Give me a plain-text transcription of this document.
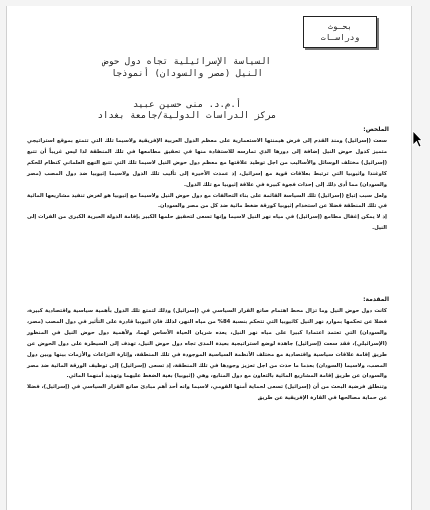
بحـوث
ودراسـات
السياسة الإسرائيلية تجاه دول حوض
النيل (مصر والسودان) أنموذجا
أ.م.د. منى حسين عبيد
مركز الدراسات الدولية/جامعة بغداد
الملخص:

سعت (إسرائيل) ومنذ القدم إلى فرض هيمنتها الاستعمارية على معظم الدول العربية الإفريقية ولاسيما تلك التي تتمتع بموقع استراتيجي متميز كدول حوض النيل إضافة إلى دورها الذي تمارسه للاستفادة منها في تحقيق مطامعها في تلك المنطقة لذا ليس غريباً أن تتبع (إسرائيل) مختلف الوسائل والأساليب من اجل توطيد علاقتها مع معظم دول حوض النيل لاسيما تلك التي تتبع النهج العلماني كنظام للحكم كاوغندا واثيوبيا التي ترتبط بعلاقات قوية مع إسرائيل، إذ عمدت الأخيرة إلى تأليب تلك الدول ولاسيما إثيوبيا ضد دول المصب (مصر والسودان) مما أدى ذلك إلى إحداث فجوة كبيرة في علاقة إثيوبيا مع تلك الدول.

ولعل سبب إتباع (إسرائيل) تلك السياسة القائمة على بناء التحالفات مع دول حوض النيل ولاسيما مع إثيوبيا هو لغرض تنفيذ مشاريعها المائية في تلك المنطقة فضلا عن استخدام إثيوبيا كورقة ضغط مائية ضد كل من مصر والسودان.

إذ لا يمكن إغفال مطامع (إسرائيل) في مياه نهر النيل لاسيما وإنها تسعى لتحقيق حلمها الكبير بإقامة الدولة العبرية الكبرى من الفرات إلى النيل.

المقدمة:

كانت دول حوض النيل وما تزال محط اهتمام صانع القرار السياسي في (إسرائيل) وذلك لتمتع تلك الدول بأهمية سياسية واقتصادية كبيرة، فضلا عن تحكمها بموارد نهر النيل كاثيوبيا التي تتحكم بنسبة 84% من مياه النهر، لذلك فان اثيوبيا قادرة على التأثير في دول المصب (مصر، والسودان) التي تعتمد اعتمادا كبيرا على مياه نهر النيل، يعده شريان الحياة الأساس لهما، ولأهمية دول حوض النيل في المنظور (الإسرائيلي)، فقد سعت (إسرائيل) جاهدة لوضع استراتيجية بعيدة المدى تجاه دول حوض النيل، تهدف إلى السيطرة على دول الحوض عن طريق إقامة علاقات سياسية واقتصادية مع مختلف الأنظمة السياسية الموجودة في تلك المنطقة، وإثارة النزاعات والأزمات بينها وبين دول المصب، ولاسيما (السودان) بعدما ما حدث من اجل تعزيز وجودها في تلك المنطقة، إذ تسعى (إسرائيل) إلى توظيف الورقة المائية ضد مصر والسودان عن طريق إقامة المشاريع المائية بالتعاون مع دول المنابع، وهي (إثيوبيا) بغية الضغط عليهما وتهديد أمنهما المائي.

وتنطلق فرضية البحث من أن (إسرائيل) تسعى لحماية أمنها القومي، لاسيما وانه أحد أهم مبادئ صانع القرار السياسي في (إسرائيل)، فضلا عن حماية مصالحها في القارة الإفريقية عن طريق
